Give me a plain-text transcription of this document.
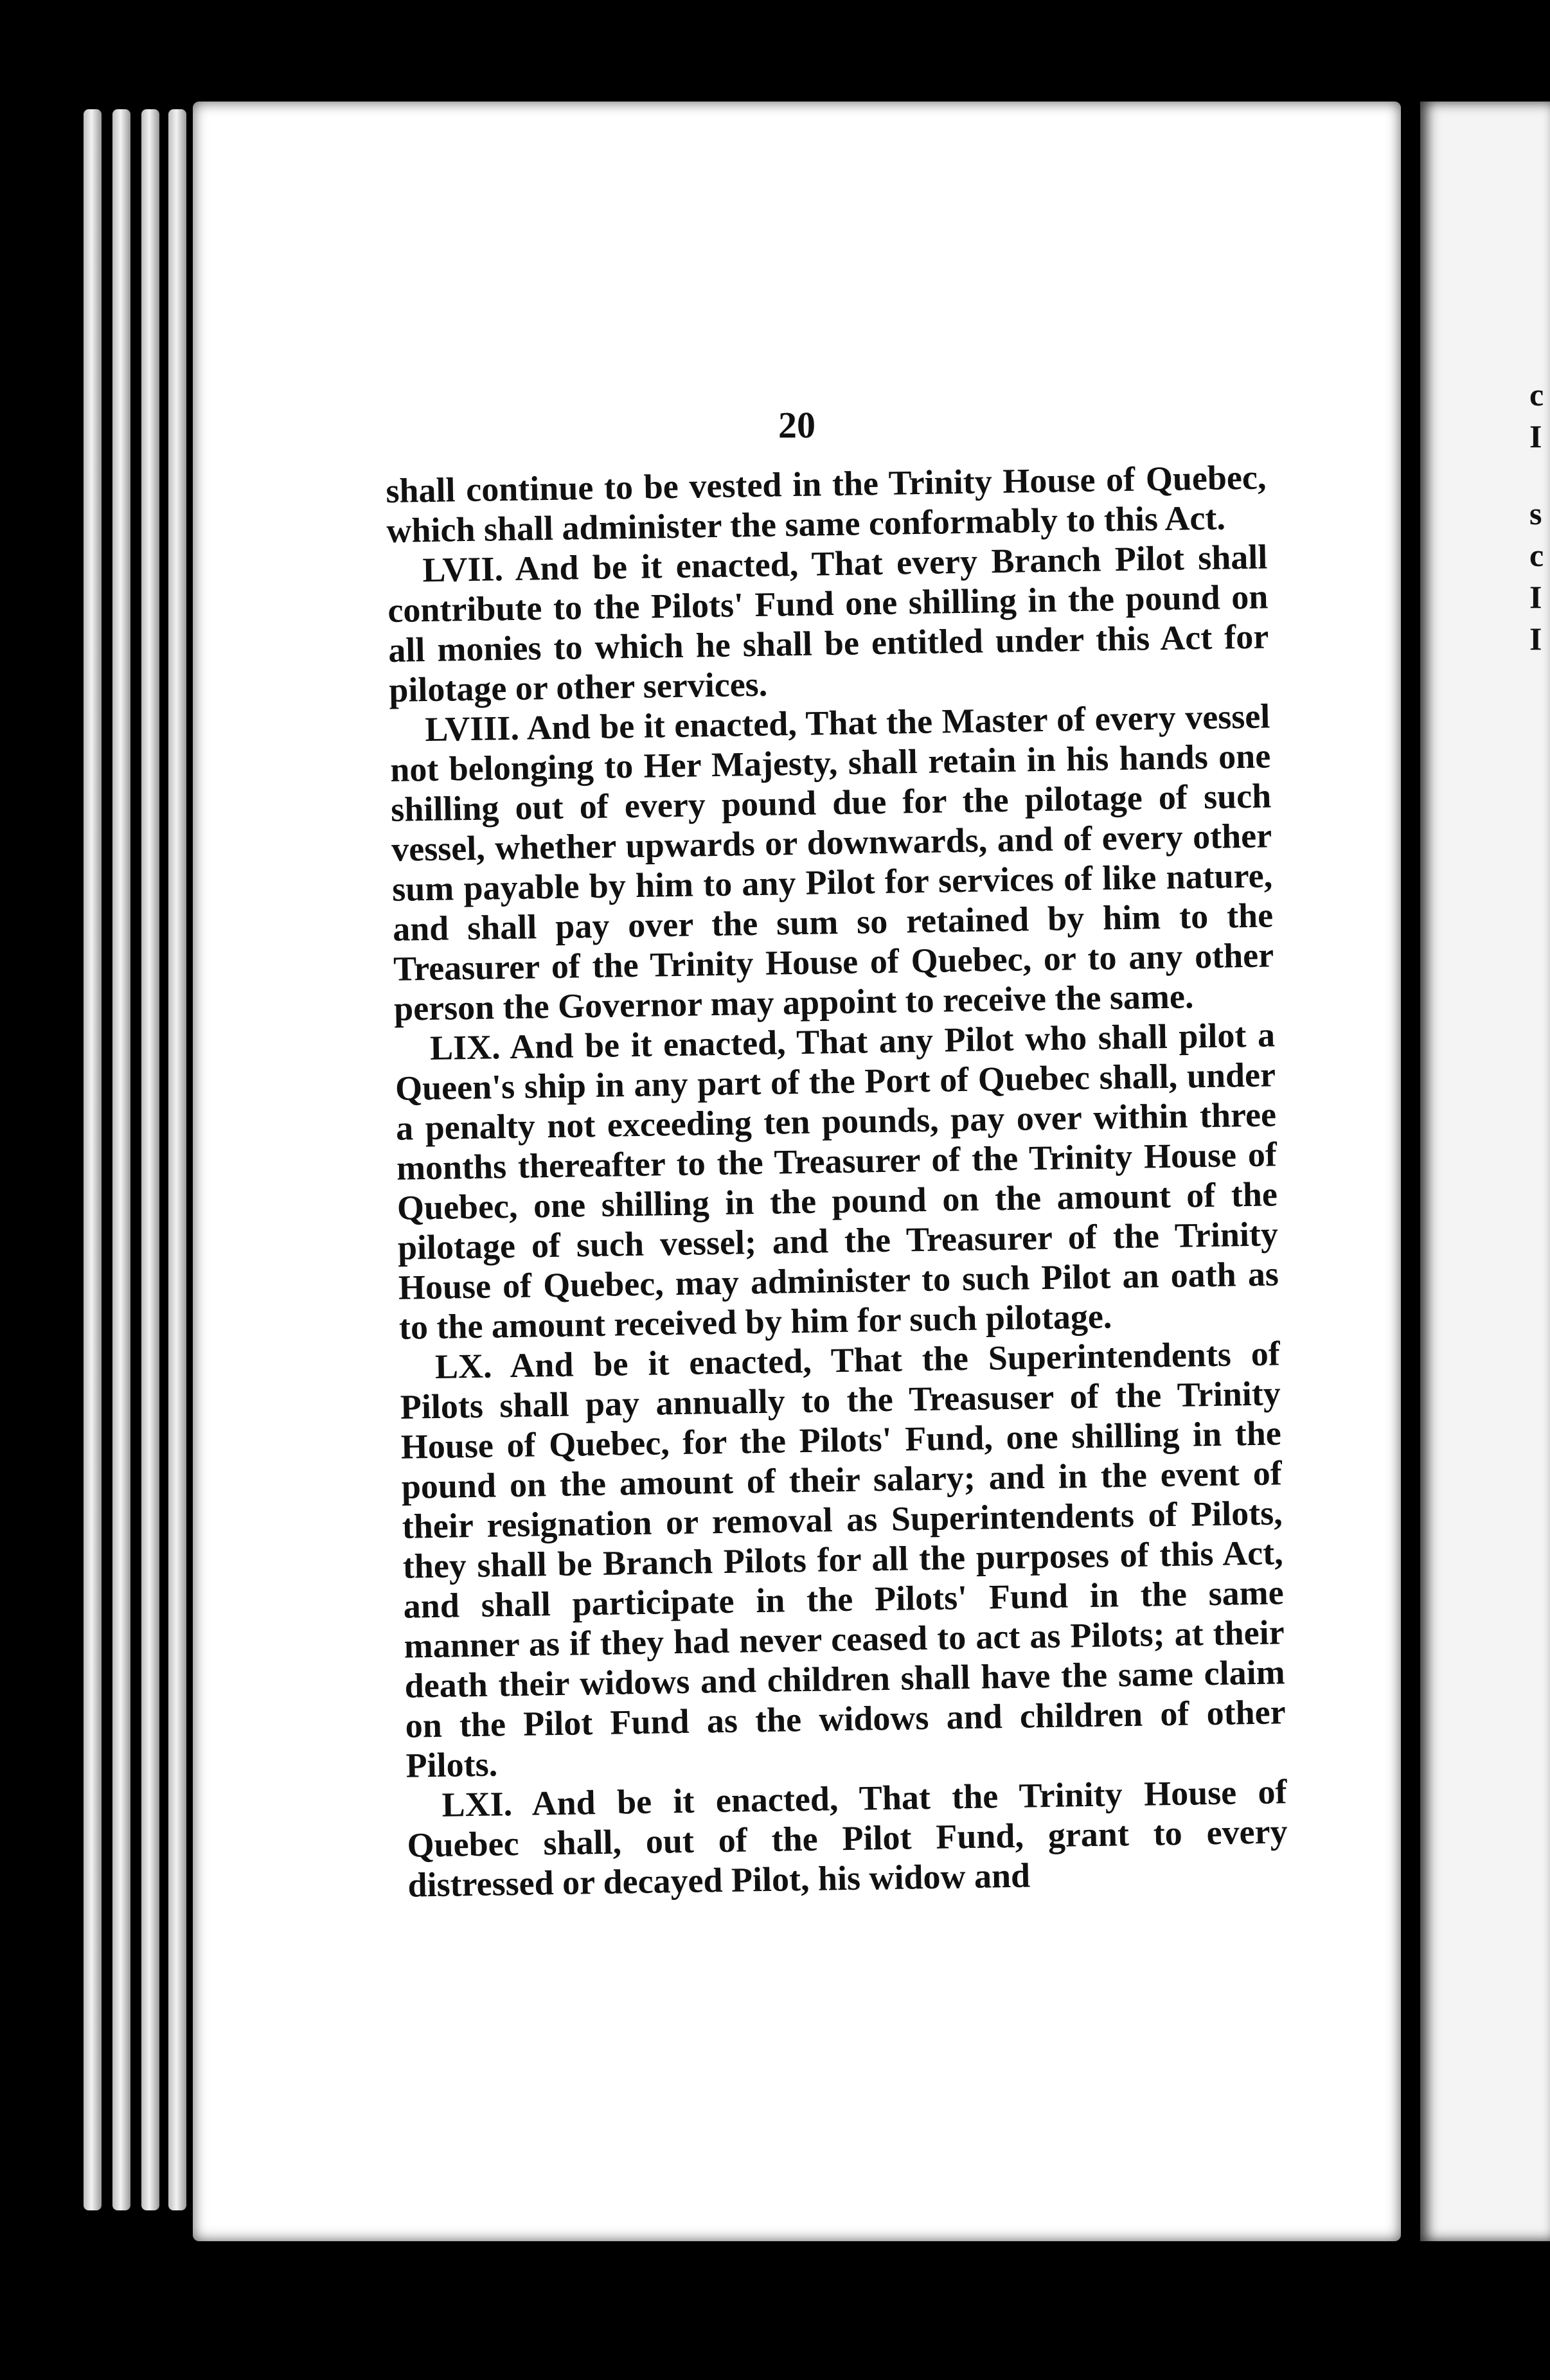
20

shall continue to be vested in the Trinity House of Quebec, which shall administer the same conformably to this Act.

LVII. And be it enacted, That every Branch Pilot shall contribute to the Pilots' Fund one shilling in the pound on all monies to which he shall be entitled under this Act for pilotage or other services.

LVIII. And be it enacted, That the Master of every vessel not belonging to Her Majesty, shall retain in his hands one shilling out of every pound due for the pilotage of such vessel, whether upwards or downwards, and of every other sum payable by him to any Pilot for services of like nature, and shall pay over the sum so retained by him to the Treasurer of the Trinity House of Quebec, or to any other person the Governor may appoint to receive the same.

LIX. And be it enacted, That any Pilot who shall pilot a Queen's ship in any part of the Port of Quebec shall, under a penalty not exceeding ten pounds, pay over within three months thereafter to the Treasurer of the Trinity House of Quebec, one shilling in the pound on the amount of the pilotage of such vessel; and the Treasurer of the Trinity House of Quebec, may administer to such Pilot an oath as to the amount received by him for such pilotage.

LX. And be it enacted, That the Superintendents of Pilots shall pay annually to the Treasuser of the Trinity House of Quebec, for the Pilots' Fund, one shilling in the pound on the amount of their salary; and in the event of their resignation or removal as Superintendents of Pilots, they shall be Branch Pilots for all the purposes of this Act, and shall participate in the Pilots' Fund in the same manner as if they had never ceased to act as Pilots; at their death their widows and children shall have the same claim on the Pilot Fund as the widows and children of other Pilots.

LXI. And be it enacted, That the Trinity House of Quebec shall, out of the Pilot Fund, grant to every distressed or decayed Pilot, his widow and

c
I
s
c
I
I
